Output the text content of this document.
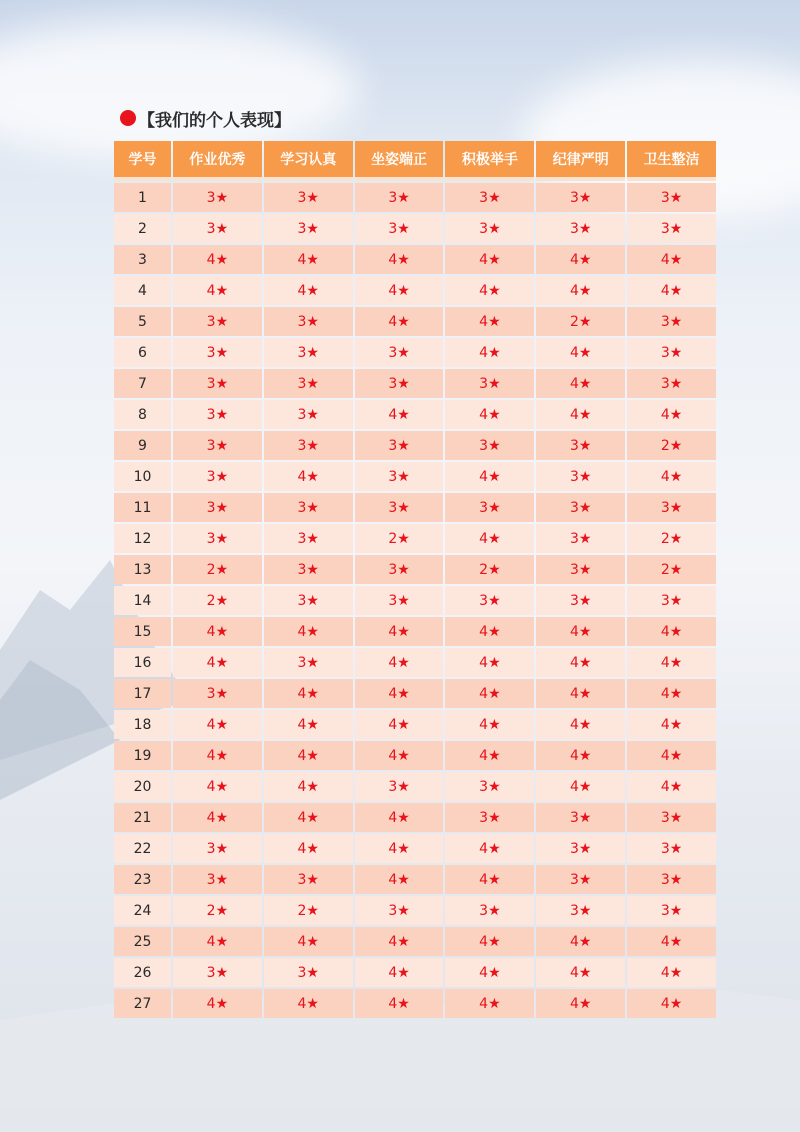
【我们的个人表现】
学号	作业优秀	学习认真	坐姿端正	积极举手	纪律严明	卫生整洁
1	3★	3★	3★	3★	3★	3★
2	3★	3★	3★	3★	3★	3★
3	4★	4★	4★	4★	4★	4★
4	4★	4★	4★	4★	4★	4★
5	3★	3★	4★	4★	2★	3★
6	3★	3★	3★	4★	4★	3★
7	3★	3★	3★	3★	4★	3★
8	3★	3★	4★	4★	4★	4★
9	3★	3★	3★	3★	3★	2★
10	3★	4★	3★	4★	3★	4★
11	3★	3★	3★	3★	3★	3★
12	3★	3★	2★	4★	3★	2★
13	2★	3★	3★	2★	3★	2★
14	2★	3★	3★	3★	3★	3★
15	4★	4★	4★	4★	4★	4★
16	4★	3★	4★	4★	4★	4★
17	3★	4★	4★	4★	4★	4★
18	4★	4★	4★	4★	4★	4★
19	4★	4★	4★	4★	4★	4★
20	4★	4★	3★	3★	4★	4★
21	4★	4★	4★	3★	3★	3★
22	3★	4★	4★	4★	3★	3★
23	3★	3★	4★	4★	3★	3★
24	2★	2★	3★	3★	3★	3★
25	4★	4★	4★	4★	4★	4★
26	3★	3★	4★	4★	4★	4★
27	4★	4★	4★	4★	4★	4★
